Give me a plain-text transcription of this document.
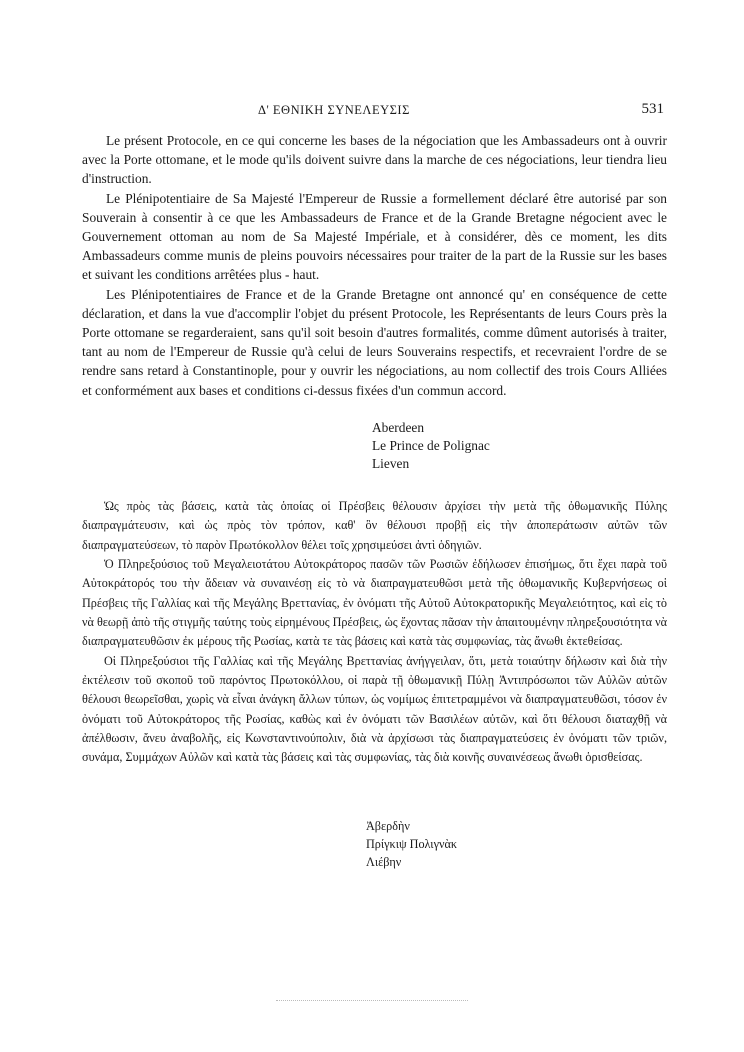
Δ' ΕΘΝΙΚΗ ΣΥΝΕΛΕΥΣΙΣ	531

Le présent Protocole, en ce qui concerne les bases de la négociation que les Ambassadeurs ont à ouvrir avec la Porte ottomane, et le mode qu'ils doivent suivre dans la marche de ces négociations, leur tiendra lieu d'instruction.

Le Plénipotentiaire de Sa Majesté l'Empereur de Russie a formellement déclaré être autorisé par son Souverain à consentir à ce que les Ambassadeurs de France et de la Grande Bretagne négocient avec le Gouvernement ottoman au nom de Sa Majesté Impériale, et à considérer, dès ce moment, les dits Ambassadeurs comme munis de pleins pouvoirs nécessaires pour traiter de la part de la Russie sur les bases et suivant les conditions arrêtées plus - haut.

Les Plénipotentiaires de France et de la Grande Bretagne ont annoncé qu' en conséquence de cette déclaration, et dans la vue d'accomplir l'objet du présent Protocole, les Représentants de leurs Cours près la Porte ottomane se regarderaient, sans qu'il soit besoin d'autres formalités, comme dûment autorisés à traiter, tant au nom de l'Empereur de Russie qu'à celui de leurs Souverains respectifs, et recevraient l'ordre de se rendre sans retard à Constantinople, pour y ouvrir les négociations, au nom collectif des trois Cours Alliées et conformément aux bases et conditions ci-dessus fixées d'un commun accord.

Aberdeen
Le Prince de Polignac
Lieven

Ὡς πρὸς τὰς βάσεις, κατὰ τὰς ὁποίας οἱ Πρέσβεις θέλουσιν ἀρχίσει τὴν μετὰ τῆς ὀθωμανικῆς Πύλης διαπραγμάτευσιν, καὶ ὡς πρὸς τὸν τρόπον, καθ' ὃν θέλουσι προβῇ εἰς τὴν ἀποπεράτωσιν αὐτῶν τῶν διαπραγματεύσεων, τὸ παρὸν Πρωτόκολλον θέλει τοῖς χρησιμεύσει ἀντὶ ὁδηγιῶν.

Ὁ Πληρεξούσιος τοῦ Μεγαλειοτάτου Αὐτοκράτορος πασῶν τῶν Ρωσιῶν ἐδήλωσεν ἐπισήμως, ὅτι ἔχει παρὰ τοῦ Αὐτοκράτορός του τὴν ἄδειαν νὰ συναινέσῃ εἰς τὸ νὰ διαπραγματευθῶσι μετὰ τῆς ὀθωμανικῆς Κυβερνήσεως οἱ Πρέσβεις τῆς Γαλλίας καὶ τῆς Μεγάλης Βρεττανίας, ἐν ὀνόματι τῆς Αὐτοῦ Αὐτοκρατορικῆς Μεγαλειότητος, καὶ εἰς τὸ νὰ θεωρῇ ἀπὸ τῆς στιγμῆς ταύτης τοὺς εἰρημένους Πρέσβεις, ὡς ἔχοντας πᾶσαν τὴν ἀπαιτουμένην πληρεξουσιότητα νὰ διαπραγματευθῶσιν ἐκ μέρους τῆς Ρωσίας, κατὰ τε τὰς βάσεις καὶ κατὰ τὰς συμφωνίας, τὰς ἄνωθι ἐκτεθείσας.

Οἱ Πληρεξούσιοι τῆς Γαλλίας καὶ τῆς Μεγάλης Βρεττανίας ἀνήγγειλαν, ὅτι, μετὰ τοιαύτην δήλωσιν καὶ διὰ τὴν ἐκτέλεσιν τοῦ σκοποῦ τοῦ παρόντος Πρωτοκόλλου, οἱ παρὰ τῇ ὀθωμανικῇ Πύλῃ Ἀντιπρόσωποι τῶν Αὐλῶν αὐτῶν θέλουσι θεωρεῖσθαι, χωρὶς νὰ εἶναι ἀνάγκη ἄλλων τύπων, ὡς νομίμως ἐπιτετραμμένοι νὰ διαπραγματευθῶσι, τόσον ἐν ὀνόματι τοῦ Αὐτοκράτορος τῆς Ρωσίας, καθὼς καὶ ἐν ὀνόματι τῶν Βασιλέων αὐτῶν, καὶ ὅτι θέλουσι διαταχθῇ νὰ ἀπέλθωσιν, ἄνευ ἀναβολῆς, εἰς Κωνσταντινούπολιν, διὰ νὰ ἀρχίσωσι τὰς διαπραγματεύσεις ἐν ὀνόματι τῶν τριῶν, συνάμα, Συμμάχων Αὐλῶν καὶ κατὰ τὰς βάσεις καὶ τὰς συμφωνίας, τὰς διὰ κοινῆς συναινέσεως ἄνωθι ὁρισθείσας.

Ἀβερδὴν
Πρίγκιψ Πολιγνὰκ
Λιέβην
